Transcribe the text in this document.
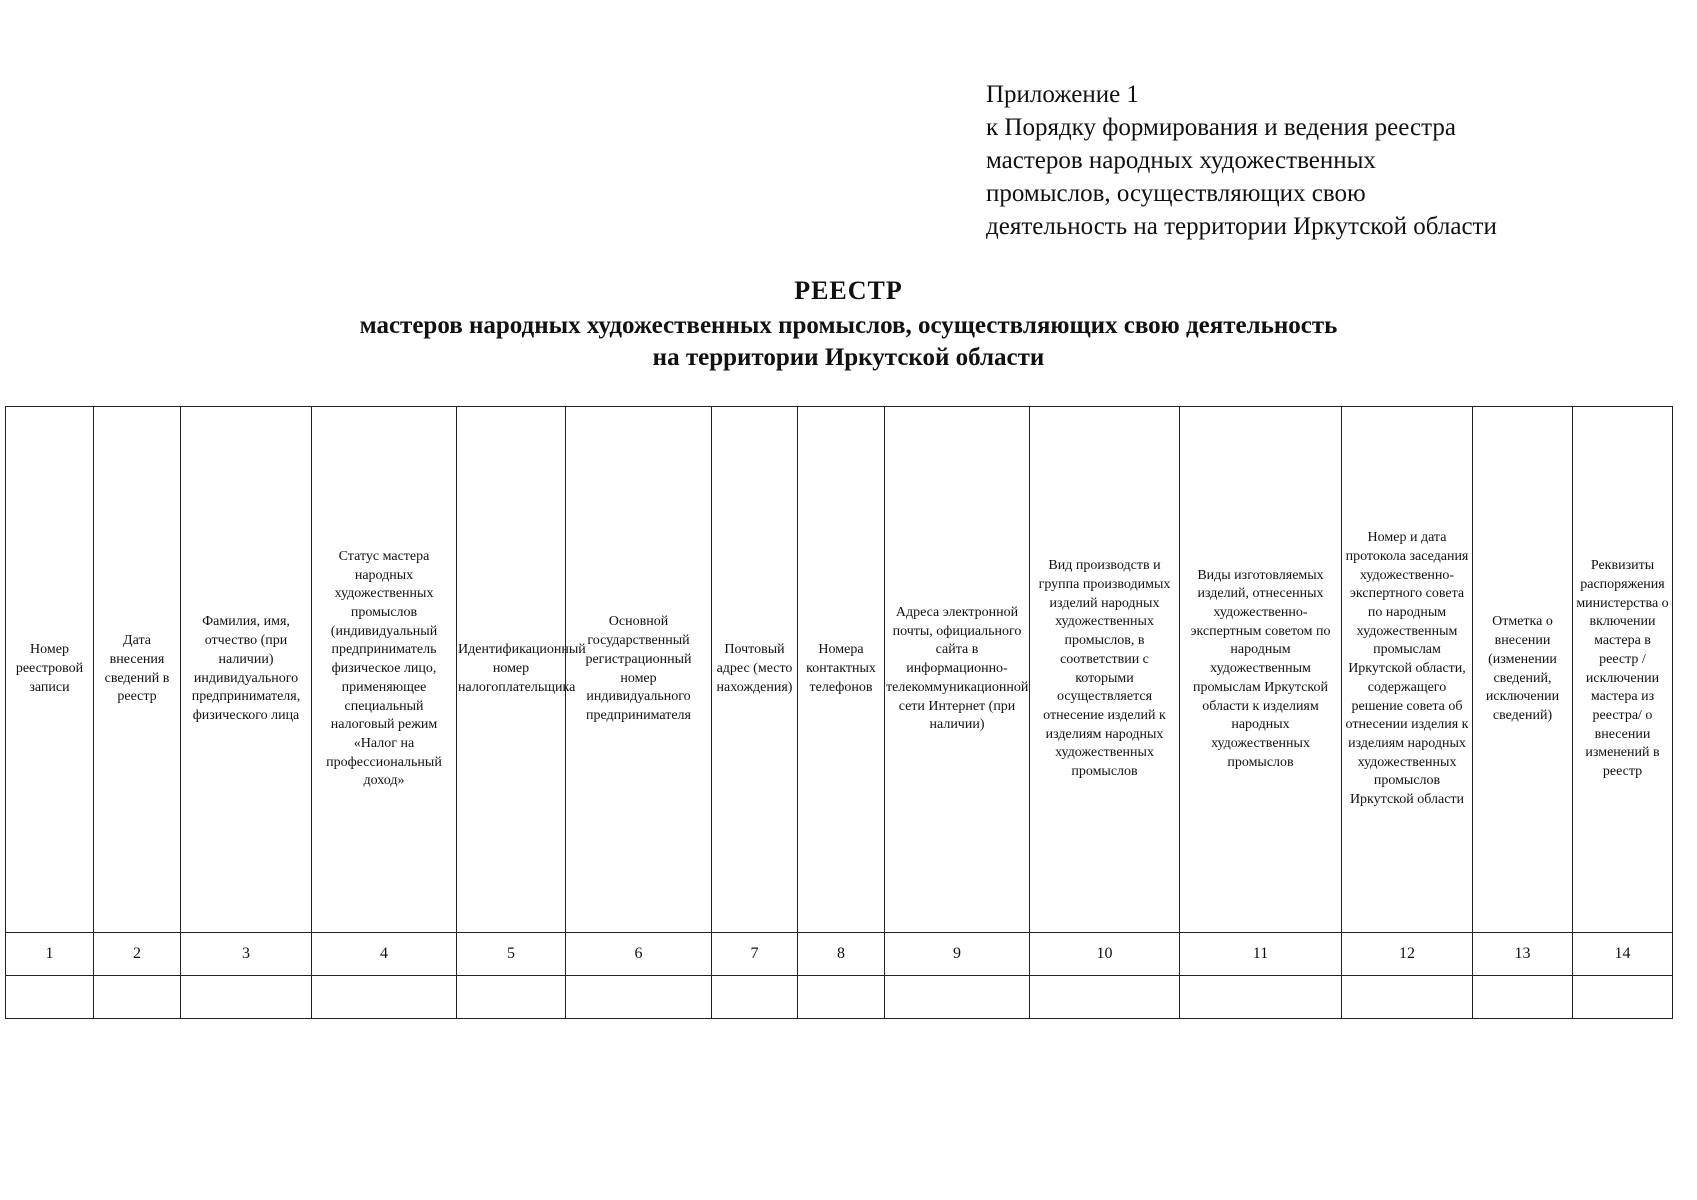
Приложение 1
к Порядку формирования и ведения реестра
мастеров народных художественных
промыслов, осуществляющих свою
деятельность на территории Иркутской области
РЕЕСТР
мастеров народных художественных промыслов, осуществляющих свою деятельность
на территории Иркутской области
Номер реестровой записи	Дата внесения сведений в реестр	Фамилия, имя, отчество (при наличии) индивидуального предпринимателя, физического лица	Статус мастера народных художественных промыслов (индивидуальный предприниматель физическое лицо, применяющее специальный налоговый режим «Налог на профессиональный доход»	Идентификационный номер налогоплательщика	Основной государственный регистрационный номер индивидуального предпринимателя	Почтовый адрес (место нахождения)	Номера контактных телефонов	Адреса электронной почты, официального сайта в информационно-телекоммуникационной сети Интернет (при наличии)	Вид производств и группа производимых изделий народных художественных промыслов, в соответствии с которыми осуществляется отнесение изделий к изделиям народных художественных промыслов	Виды изготовляемых изделий, отнесенных художественно-экспертным советом по народным художественным промыслам Иркутской области к изделиям народных художественных промыслов	Номер и дата протокола заседания художественно-экспертного совета по народным художественным промыслам Иркутской области, содержащего решение совета об отнесении изделия к изделиям народных художественных промыслов Иркутской области	Отметка о внесении (изменении сведений, исключении сведений)	Реквизиты распоряжения министерства о включении мастера в реестр / исключении мастера из реестра/ о внесении изменений в реестр
1	2	3	4	5	6	7	8	9	10	11	12	13	14
